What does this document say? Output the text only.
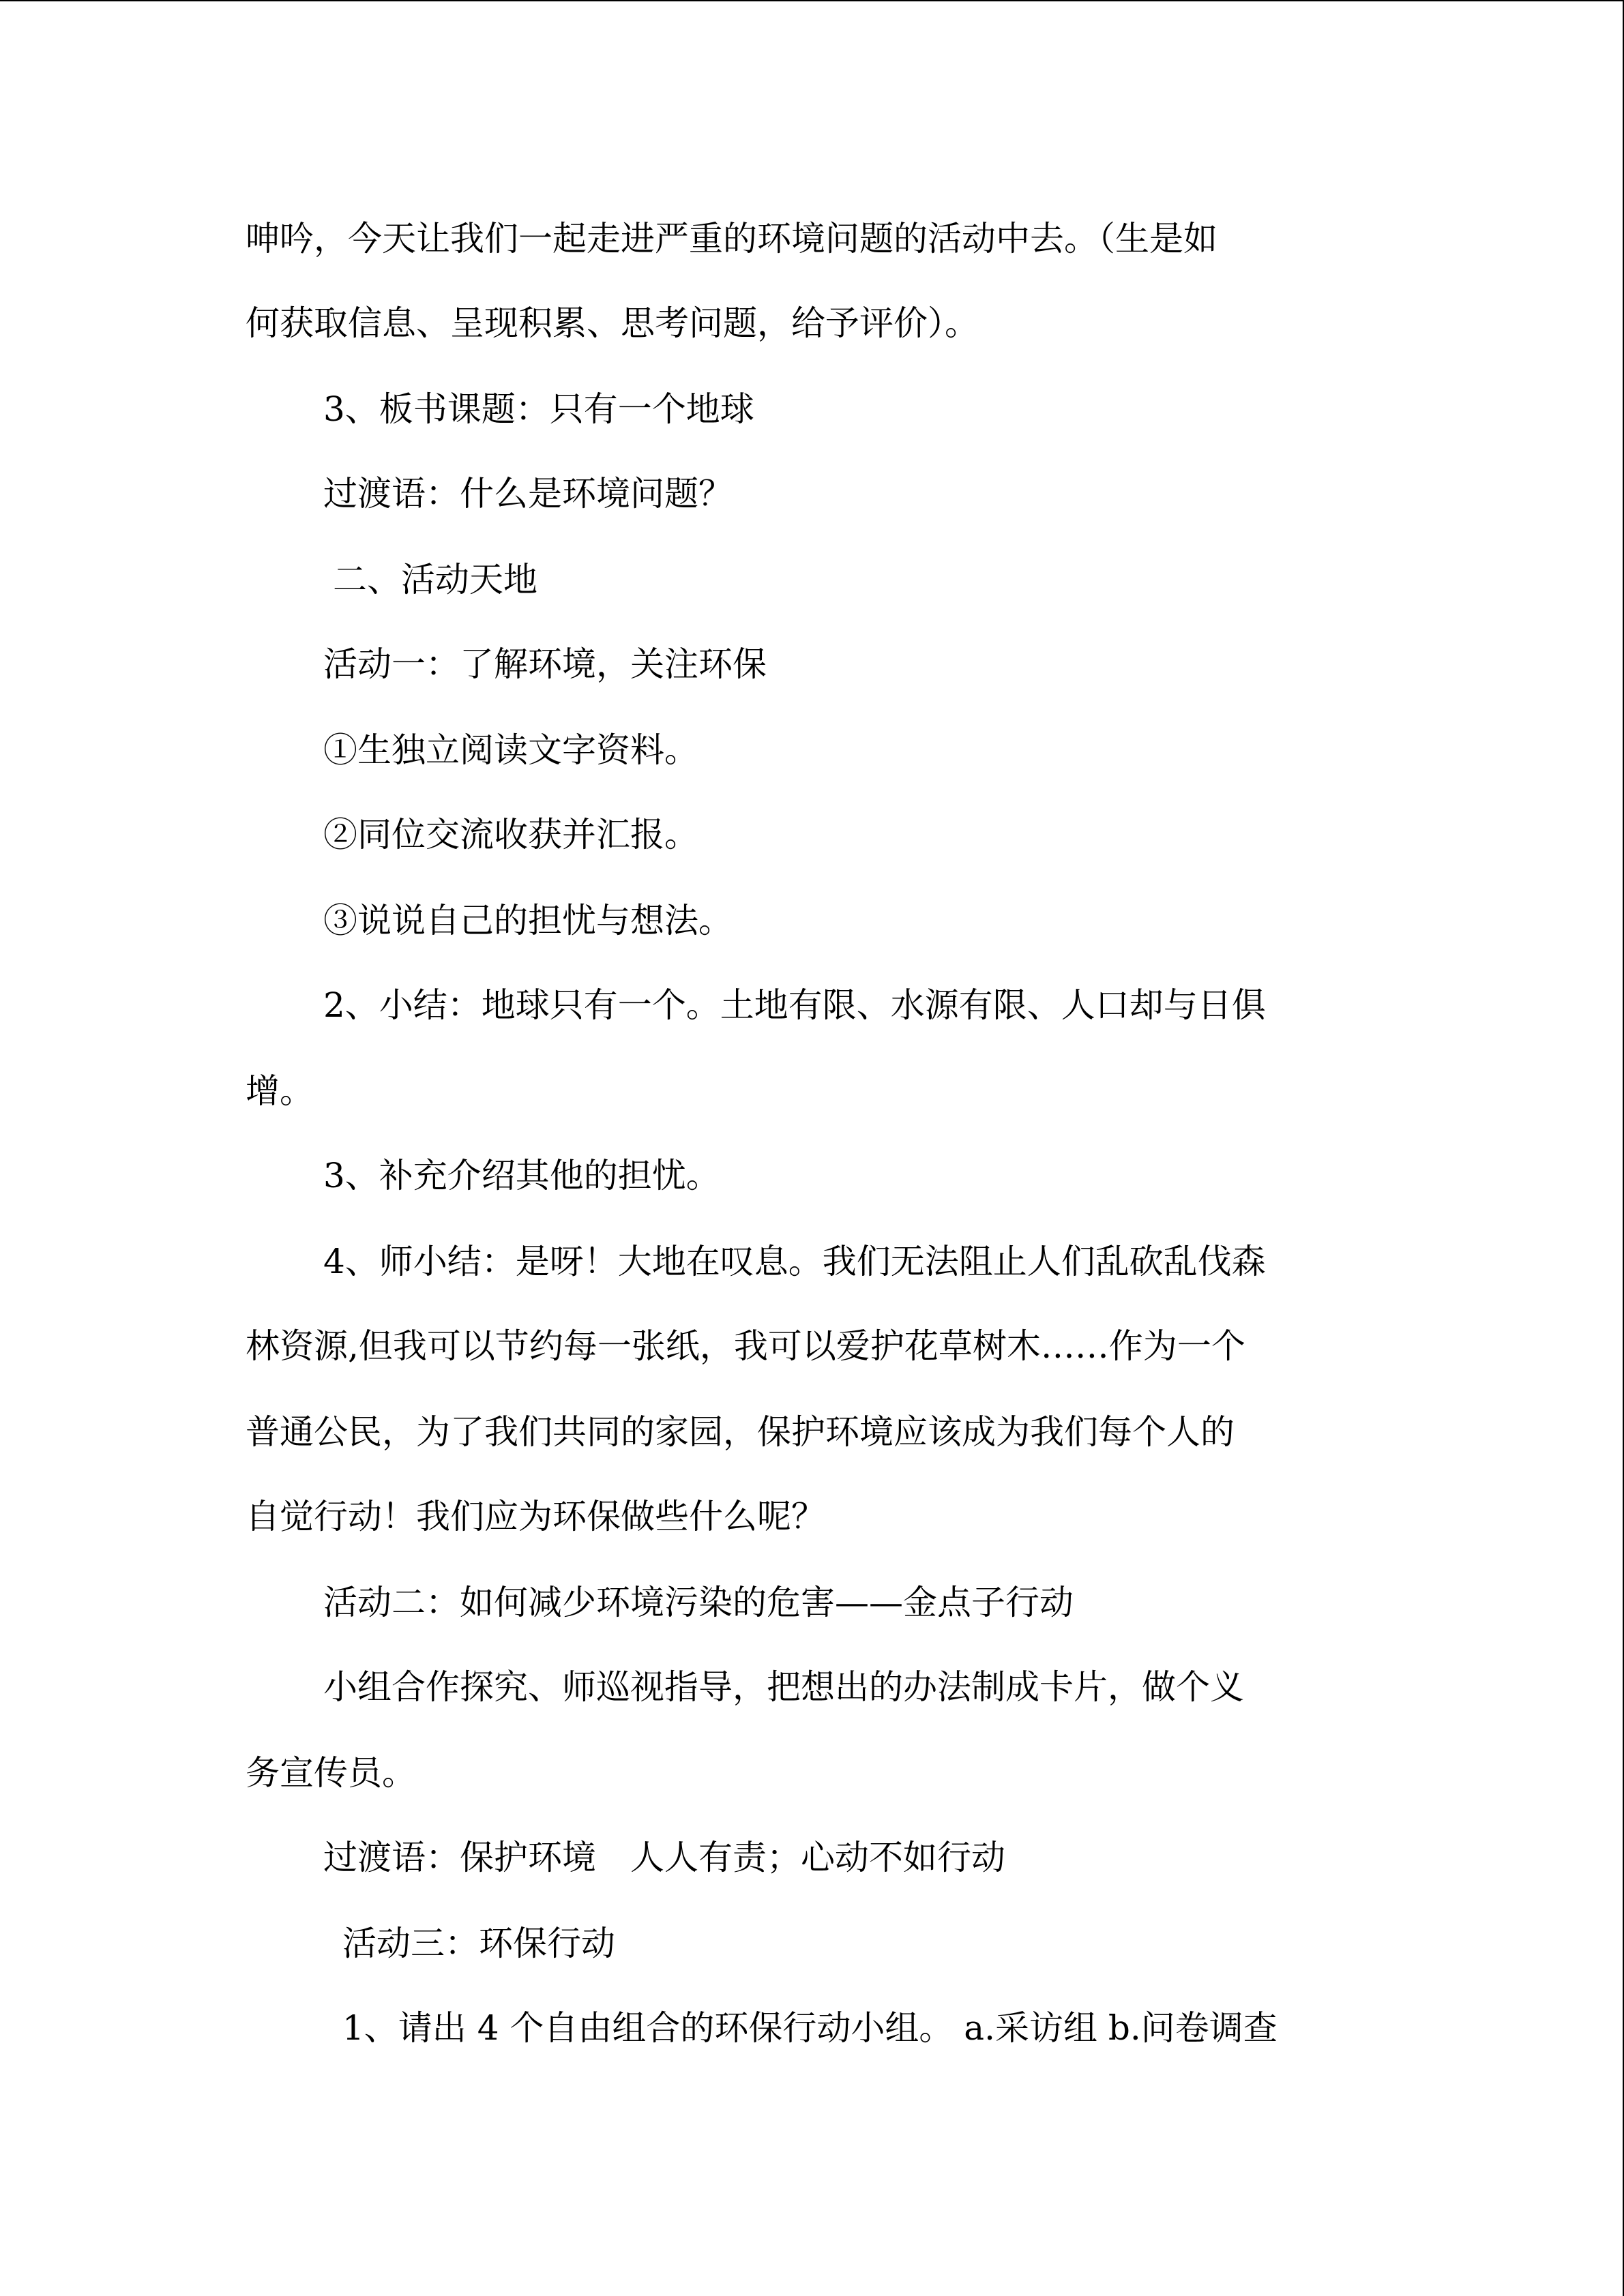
呻吟，今天让我们一起走进严重的环境问题的活动中去。（生是如

何获取信息、呈现积累、思考问题，给予评价）。

3、板书课题：只有一个地球

过渡语：什么是环境问题？

二、活动天地

活动一：了解环境，关注环保

①生独立阅读文字资料。

②同位交流收获并汇报。

③说说自己的担忧与想法。

2、小结：地球只有一个。土地有限、水源有限、人口却与日俱

增。

3、补充介绍其他的担忧。

4、师小结：是呀！大地在叹息。我们无法阻止人们乱砍乱伐森

林资源,但我可以节约每一张纸，我可以爱护花草树木……作为一个

普通公民，为了我们共同的家园，保护环境应该成为我们每个人的

自觉行动！我们应为环保做些什么呢？

活动二：如何减少环境污染的危害——金点子行动

小组合作探究、师巡视指导，把想出的办法制成卡片，做个义

务宣传员。

过渡语：保护环境　人人有责；心动不如行动

活动三：环保行动

1、请出 4 个自由组合的环保行动小组。 a.采访组 b.问卷调查
